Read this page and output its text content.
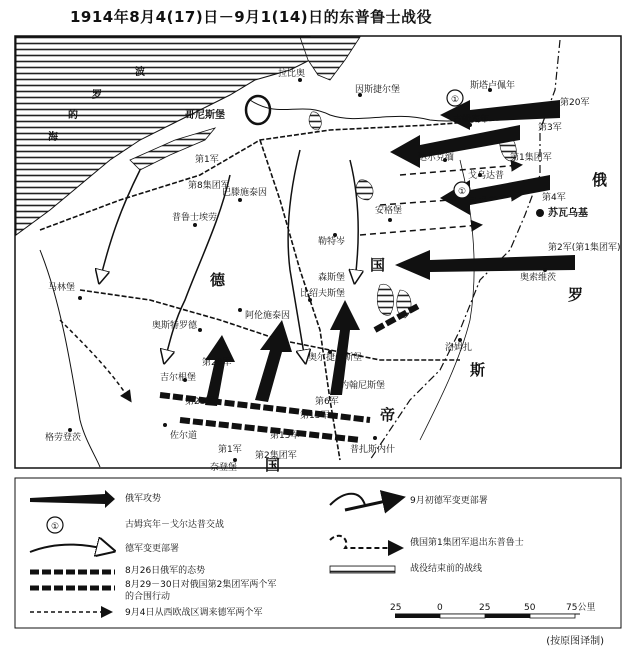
1914年8月4(17)日－9月1(14)日的东普鲁士战役
波
罗
的
海
哥尼斯堡
①
①
拉比奥
因斯捷尔堡	斯塔卢佩年
古姆宾年
达尔克缅
戈乌达普
苏瓦乌基
安格堡
勒特岑
普鲁士埃劳
巴滕施泰因
阿伦施泰因
比绍夫斯堡
森斯堡
奥斯特罗德
奥尔捷尔斯堡
吉尔根堡
佐尔道
奈登堡
普扎斯内什
奥索维茨
洛姆扎
马林堡
格劳登茨
约翰尼斯堡
德
国
帝
国
俄
罗
斯
第20军
第3军
第4军
第2军(第1集团军)
第1集团军
第1军
第8集团军
第20军
第6军
第13军
第15军
第1军
第2集团军
第23军
①
25	0	25	50	75公里
俄军攻势
古姆宾年－戈尔达普交战
德军变更部署
8月26日俄军的态势
8月29－30日对俄国第2集团军两个军
的合围行动
9月4日从西欧战区调来德军两个军
9月初德军变更部署
俄国第1集团军退出东普鲁士
战役结束前的战线
(按原图译制)
